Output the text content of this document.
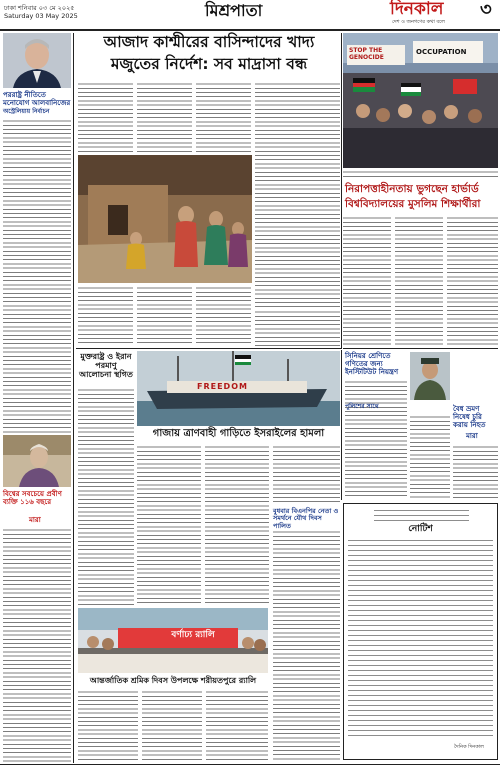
ঢাকা শনিবার ০৩ মে ২০২৫
Saturday 03 May 2025	মিশ্রপাতা	দিনকাল
দেশ ও জনগণের কথা বলে
৩
পররাষ্ট্র নীতিতে মনোযোগ আলবানিজের
অস্ট্রেলিয়ায় নির্বাচন
বিশ্বের সবচেয়ে প্রবীণ ব্যক্তি ১১৬ বছরে
মারা
আজাদ কাশ্মীরের বাসিন্দাদের খাদ্য
মজুতের নির্দেশ: সব মাদ্রাসা বন্ধ
STOP THE GENOCIDE
OCCUPATION
নিরাপত্তাহীনতায় ভুগছেন হার্ভার্ড
বিশ্ববিদ্যালয়ের মুসলিম শিক্ষার্থীরা
মুক্তরাষ্ট্র ও ইরান পরমাণু আলোচনা স্থগিত
FREEDOM
গাজায় ত্রাণবাহী গাড়িতে ইসরাইলের হামলা
বুধবার বিএনপির নেতা ও সমর্থনে যৌথ দিবস পালিত
বর্ণাঢ্য র‍্যালি
আন্তর্জাতিক শ্রমিক দিবস উপলক্ষে শরীয়তপুরে র‍্যালি
সিনিয়র শ্রেণিতে গণিতের জন্য ইনস্টিটিউট নিয়ন্ত্রণ
পুলিশের সাথে	বৈধ ভ্রমণ নিষেধ চুরি করায় নিহত
মারা
নোটিশ
দৈনিক দিনকাল
